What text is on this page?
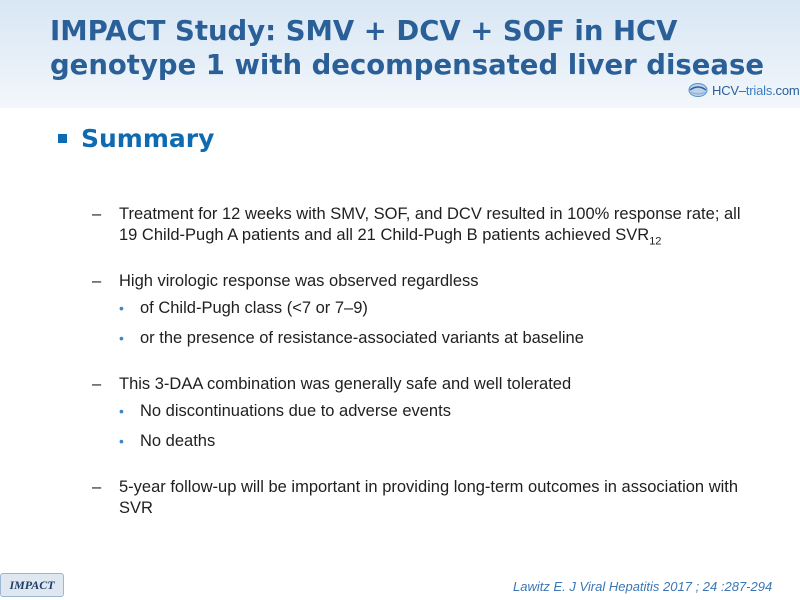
IMPACT Study: SMV + DCV + SOF in HCV
genotype 1 with decompensated liver disease
HCV–trials.com
Summary
– Treatment for 12 weeks with SMV, SOF, and DCV resulted in 100% response rate; all 19 Child-Pugh A patients and all 21 Child-Pugh B patients achieved $SVR_{12}$
– High virologic response was observed regardless
• of Child-Pugh class (<7 or 7–9)
• or the presence of resistance-associated variants at baseline
– This 3-DAA combination was generally safe and well tolerated
• No discontinuations due to adverse events
• No deaths
– 5-year follow-up will be important in providing long-term outcomes in association with SVR
IMPACT	Lawitz E. J Viral Hepatitis 2017 ; 24 :287-294
